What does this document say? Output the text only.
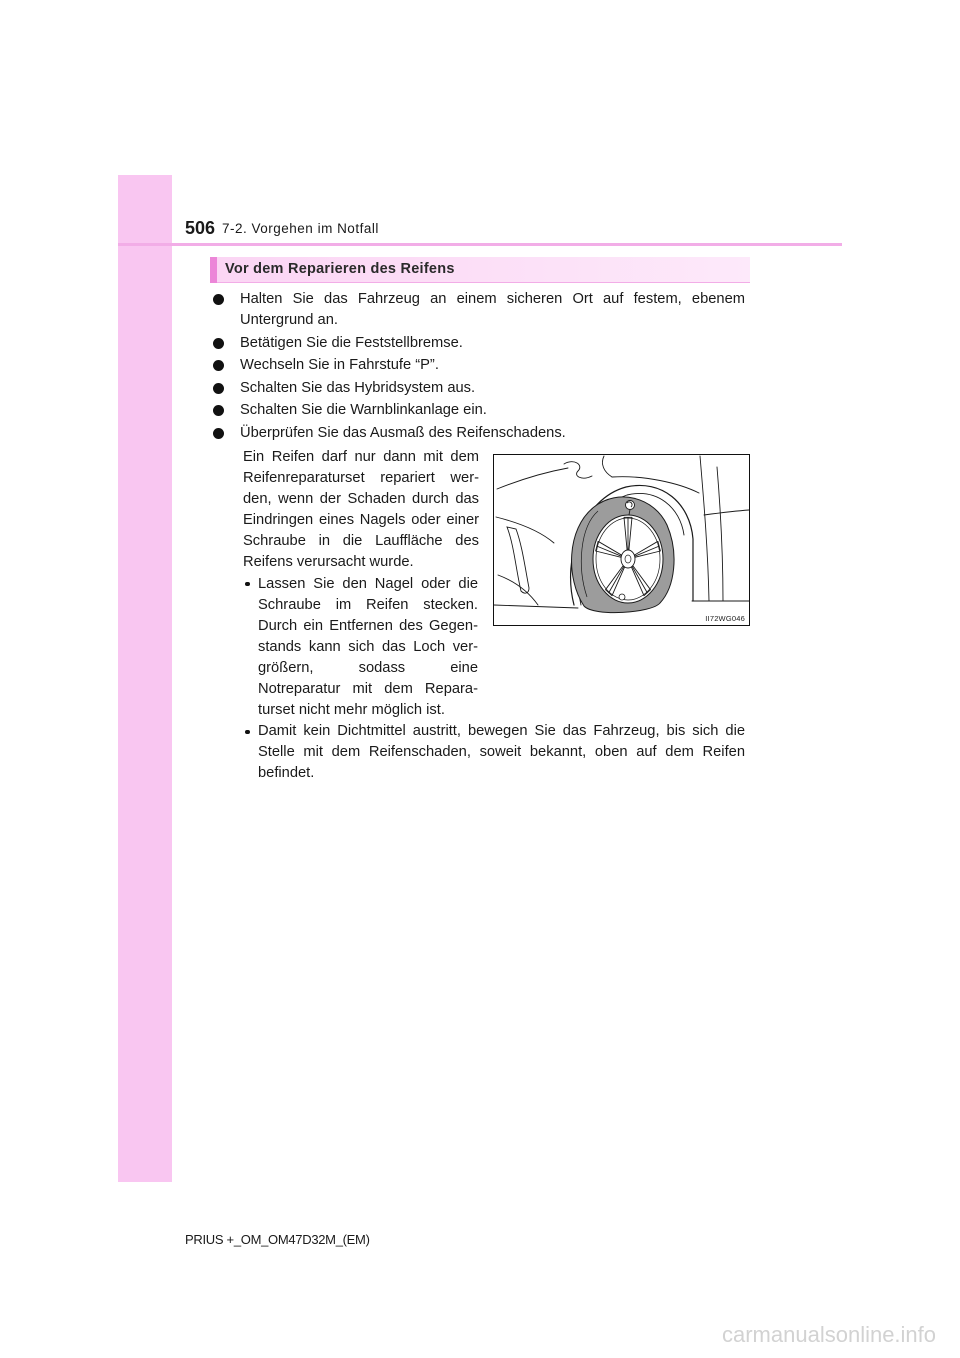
506 7-2. Vorgehen im Notfall
Vor dem Reparieren des Reifens
Halten Sie das Fahrzeug an einem sicheren Ort auf festem, ebenem
Untergrund an.
Betätigen Sie die Feststellbremse.
Wechseln Sie in Fahrstufe “P”.
Schalten Sie das Hybridsystem aus.
Schalten Sie die Warnblinkanlage ein.
Überprüfen Sie das Ausmaß des Reifenschadens.
Ein Reifen darf nur dann mit dem
Reifenreparaturset repariert wer-
den, wenn der Schaden durch das
Eindringen eines Nagels oder einer
Schraube in die Lauffläche des
Reifens verursacht wurde.
Lassen Sie den Nagel oder die
Schraube im Reifen stecken.
Durch ein Entfernen des Gegen-
stands kann sich das Loch ver-
größern, sodass eine
Notreparatur mit dem Repara-
turset nicht mehr möglich ist.
Damit kein Dichtmittel austritt, bewegen Sie das Fahrzeug, bis sich die
Stelle mit dem Reifenschaden, soweit bekannt, oben auf dem Reifen
befindet.
II72WG046
PRIUS +_OM_OM47D32M_(EM)
carmanualsonline.info
